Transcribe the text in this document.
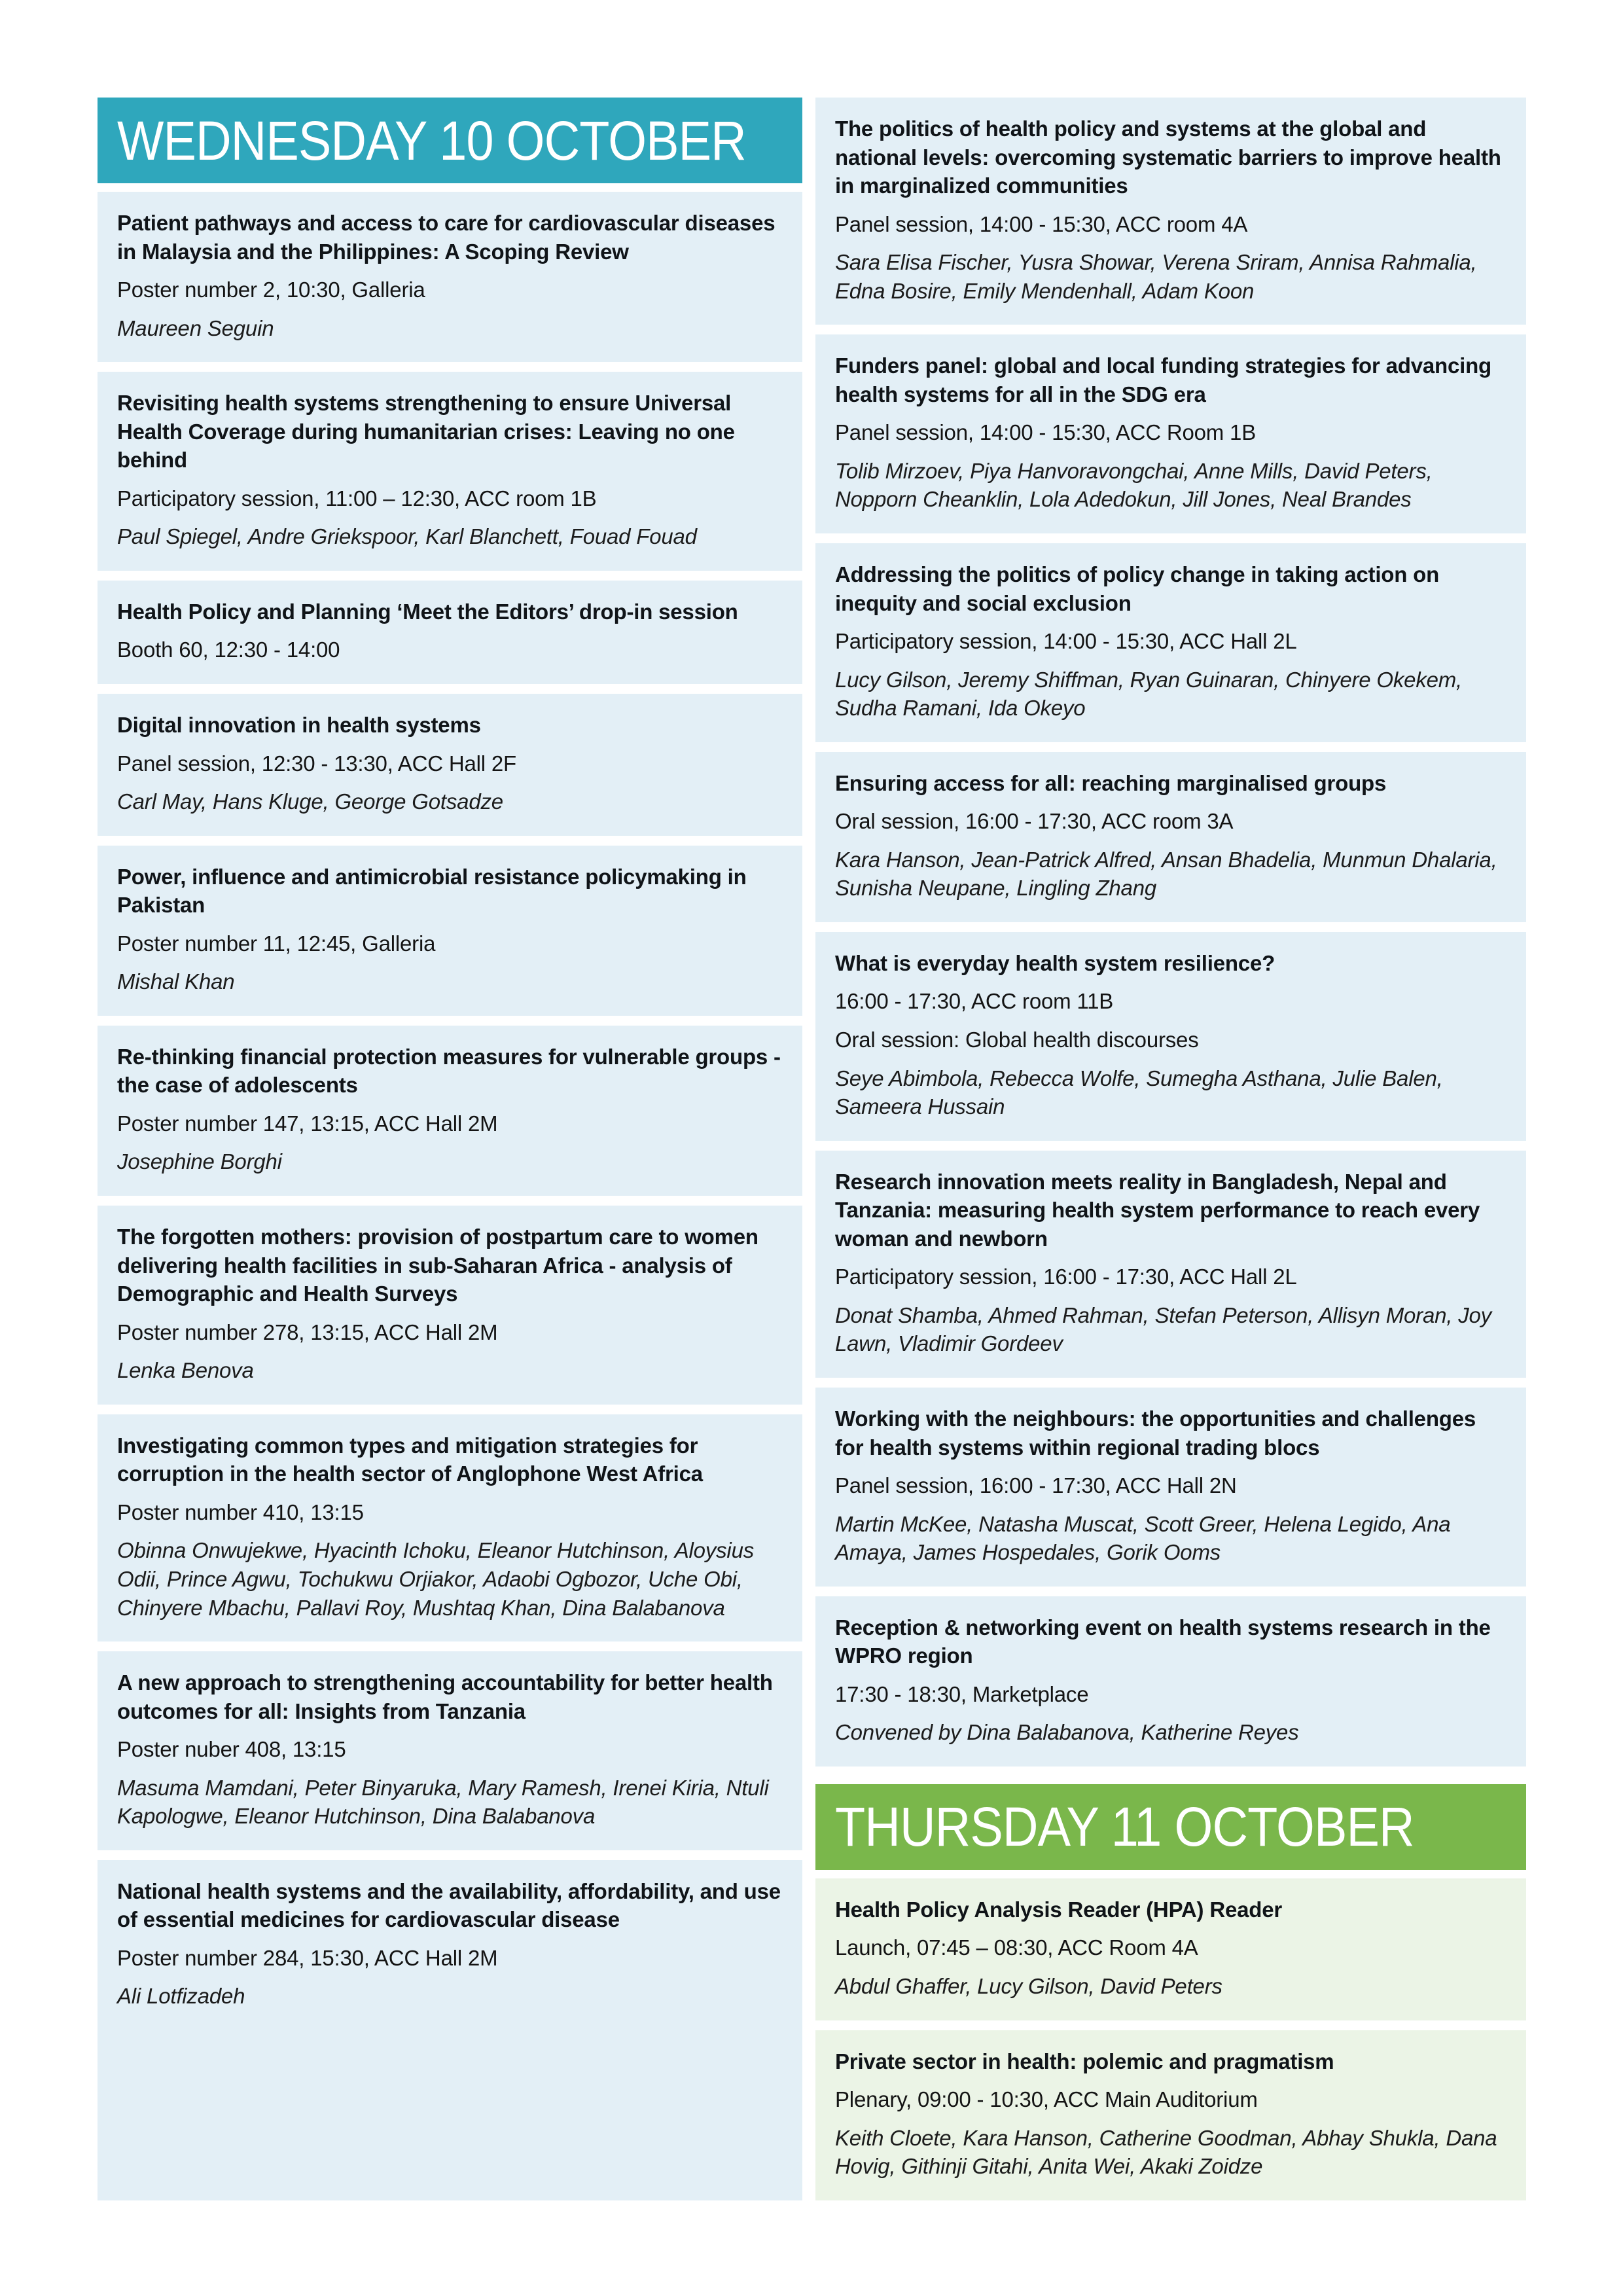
WEDNESDAY 10 OCTOBER
Patient pathways and access to care for cardiovascular diseases in Malaysia and the Philippines: A Scoping Review

Poster number 2, 10:30, Galleria

Maureen Seguin

Revisiting health systems strengthening to ensure Universal Health Coverage during humanitarian crises: Leaving no one behind

Participatory session, 11:00 – 12:30, ACC room 1B

Paul Spiegel, Andre Griekspoor, Karl Blanchett, Fouad Fouad

Health Policy and Planning ‘Meet the Editors’ drop-in session

Booth 60, 12:30 - 14:00

Digital innovation in health systems

Panel session, 12:30 - 13:30, ACC Hall 2F

Carl May, Hans Kluge, George Gotsadze

Power, influence and antimicrobial resistance policymaking in Pakistan

Poster number 11, 12:45, Galleria

Mishal Khan

Re-thinking financial protection measures for vulnerable groups - the case of adolescents

Poster number 147, 13:15, ACC Hall 2M

Josephine Borghi

The forgotten mothers: provision of postpartum care to women delivering health facilities in sub-Saharan Africa - analysis of Demographic and Health Surveys

Poster number 278, 13:15, ACC Hall 2M

Lenka Benova

Investigating common types and mitigation strategies for corruption in the health sector of Anglophone West Africa

Poster number 410, 13:15

Obinna Onwujekwe, Hyacinth Ichoku, Eleanor Hutchinson, Aloysius Odii, Prince Agwu, Tochukwu Orjiakor, Adaobi Ogbozor, Uche Obi, Chinyere Mbachu, Pallavi Roy, Mushtaq Khan, Dina Balabanova

A new approach to strengthening accountability for better health outcomes for all: Insights from Tanzania

Poster nuber 408, 13:15

Masuma Mamdani, Peter Binyaruka, Mary Ramesh, Irenei Kiria, Ntuli Kapologwe, Eleanor Hutchinson, Dina Balabanova

National health systems and the availability, affordability, and use of essential medicines for cardiovascular disease

Poster number 284, 15:30, ACC Hall 2M

Ali Lotfizadeh

The politics of health policy and systems at the global and national levels: overcoming systematic barriers to improve health in marginalized communities

Panel session, 14:00 - 15:30, ACC room 4A

Sara Elisa Fischer, Yusra Showar, Verena Sriram, Annisa Rahmalia, Edna Bosire, Emily Mendenhall, Adam Koon

Funders panel: global and local funding strategies for advancing health systems for all in the SDG era

Panel session, 14:00 - 15:30, ACC Room 1B

Tolib Mirzoev, Piya Hanvoravongchai, Anne Mills, David Peters, Nopporn Cheanklin, Lola Adedokun, Jill Jones, Neal Brandes

Addressing the politics of policy change in taking action on inequity and social exclusion

Participatory session, 14:00 - 15:30, ACC Hall 2L

Lucy Gilson, Jeremy Shiffman, Ryan Guinaran, Chinyere Okekem, Sudha Ramani, Ida Okeyo

Ensuring access for all: reaching marginalised groups

Oral session, 16:00 - 17:30, ACC room 3A

Kara Hanson, Jean-Patrick Alfred, Ansan Bhadelia, Munmun Dhalaria, Sunisha Neupane, Lingling Zhang

What is everyday health system resilience?

16:00 - 17:30, ACC room 11B

Oral session: Global health discourses

Seye Abimbola, Rebecca Wolfe, Sumegha Asthana, Julie Balen, Sameera Hussain

Research innovation meets reality in Bangladesh, Nepal and Tanzania: measuring health system performance to reach every woman and newborn

Participatory session, 16:00 - 17:30, ACC Hall 2L

Donat Shamba, Ahmed Rahman, Stefan Peterson, Allisyn Moran, Joy Lawn, Vladimir Gordeev

Working with the neighbours: the opportunities and challenges for health systems within regional trading blocs

Panel session, 16:00 - 17:30, ACC Hall 2N

Martin McKee, Natasha Muscat, Scott Greer, Helena Legido, Ana Amaya, James Hospedales, Gorik Ooms

Reception & networking event on health systems research in the WPRO region

17:30 - 18:30, Marketplace

Convened by Dina Balabanova, Katherine Reyes

THURSDAY 11 OCTOBER
Health Policy Analysis Reader (HPA) Reader

Launch, 07:45 – 08:30, ACC Room 4A

Abdul Ghaffer, Lucy Gilson, David Peters

Private sector in health: polemic and pragmatism

Plenary, 09:00 - 10:30, ACC Main Auditorium

Keith Cloete, Kara Hanson, Catherine Goodman, Abhay Shukla, Dana Hovig, Githinji Gitahi, Anita Wei, Akaki Zoidze
